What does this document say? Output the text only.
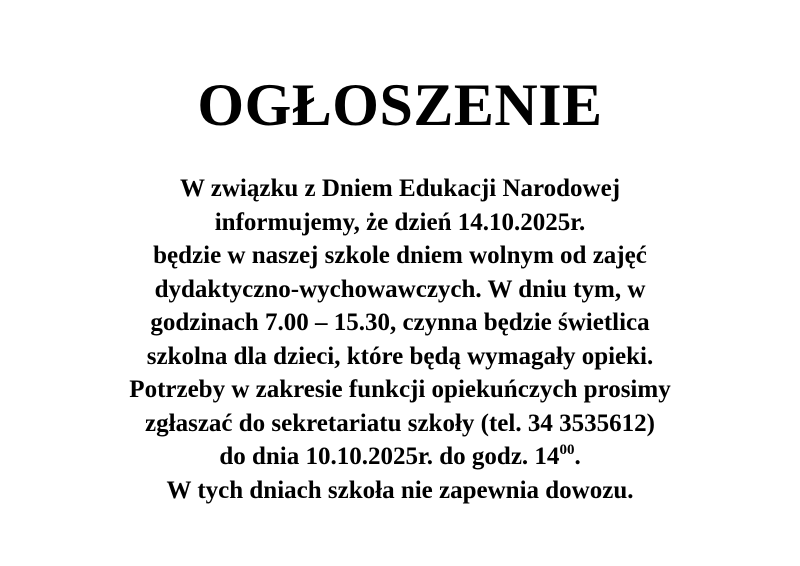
OGŁOSZENIE
W związku z Dniem Edukacji Narodowej
informujemy, że dzień 14.10.2025r.
będzie w naszej szkole dniem wolnym od zajęć
dydaktyczno-wychowawczych. W dniu tym, w
godzinach 7.00 – 15.30, czynna będzie świetlica
szkolna dla dzieci, które będą wymagały opieki.
Potrzeby w zakresie funkcji opiekuńczych prosimy
zgłaszać do sekretariatu szkoły (tel. 34 3535612)
do dnia 10.10.2025r. do godz. $14^{00}$.
W tych dniach szkoła nie zapewnia dowozu.
